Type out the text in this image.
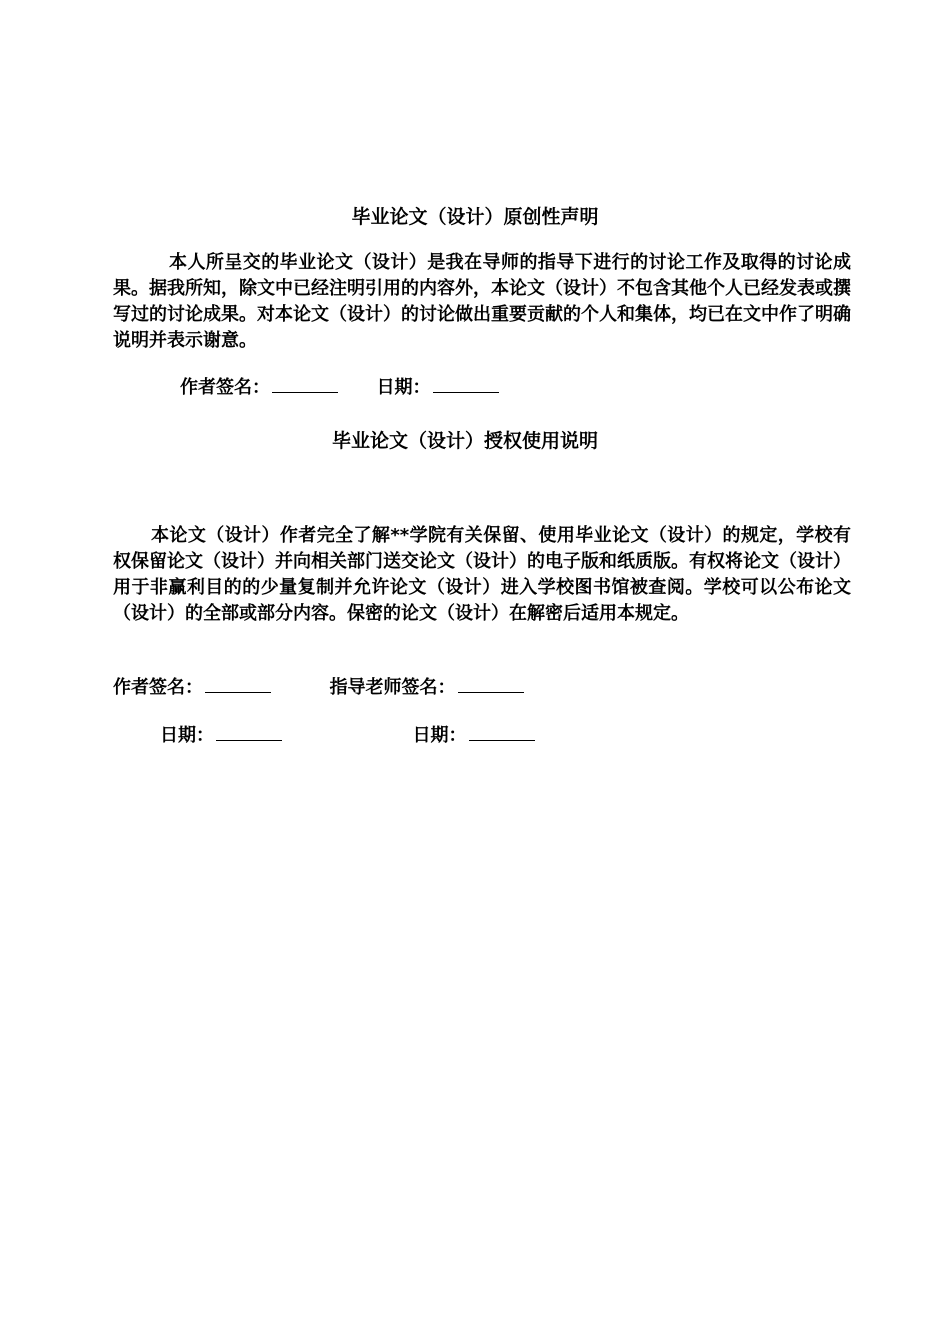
毕业论文（设计）原创性声明

本人所呈交的毕业论文（设计）是我在导师的指导下进行的讨论工作及取得的讨论成果。据我所知，除文中已经注明引用的内容外，本论文（设计）不包含其他个人已经发表或撰写过的讨论成果。对本论文（设计）的讨论做出重要贡献的个人和集体，均已在文中作了明确说明并表示谢意。

作者签名：	日期：
毕业论文（设计）授权使用说明

本论文（设计）作者完全了解**学院有关保留、使用毕业论文（设计）的规定，学校有权保留论文（设计）并向相关部门送交论文（设计）的电子版和纸质版。有权将论文（设计）用于非赢利目的的少量复制并允许论文（设计）进入学校图书馆被查阅。学校可以公布论文（设计）的全部或部分内容。保密的论文（设计）在解密后适用本规定。

作者签名：	指导老师签名：
日期：	日期：
